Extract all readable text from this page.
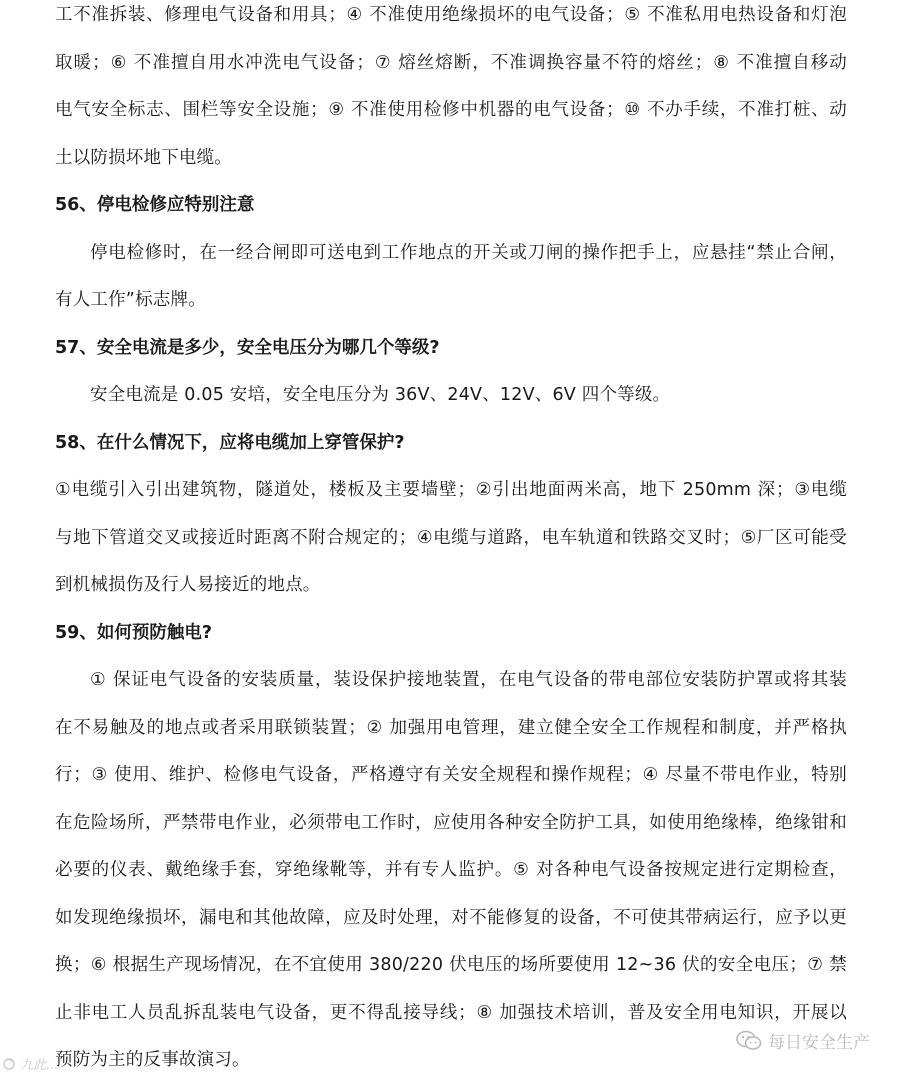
工不准拆装、修理电气设备和用具；④ 不准使用绝缘损坏的电气设备；⑤ 不准私用电热设备和灯泡
取暖；⑥ 不准擅自用水冲洗电气设备；⑦ 熔丝熔断，不准调换容量不符的熔丝；⑧ 不准擅自移动
电气安全标志、围栏等安全设施；⑨ 不准使用检修中机器的电气设备；⑩ 不办手续，不准打桩、动
土以防损坏地下电缆。
56、停电检修应特别注意
停电检修时，在一经合闸即可送电到工作地点的开关或刀闸的操作把手上，应悬挂“禁止合闸，
有人工作”标志牌。
57、安全电流是多少，安全电压分为哪几个等级?
安全电流是 0.05 安培，安全电压分为 36V、24V、12V、6V 四个等级。
58、在什么情况下，应将电缆加上穿管保护?
①电缆引入引出建筑物，隧道处，楼板及主要墙壁；②引出地面两米高，地下 250mm 深；③电缆
与地下管道交叉或接近时距离不附合规定的；④电缆与道路，电车轨道和铁路交叉时；⑤厂区可能受
到机械损伤及行人易接近的地点。
59、如何预防触电?
① 保证电气设备的安装质量，装设保护接地装置，在电气设备的带电部位安装防护罩或将其装
在不易触及的地点或者采用联锁装置；② 加强用电管理，建立健全安全工作规程和制度，并严格执
行；③ 使用、维护、检修电气设备，严格遵守有关安全规程和操作规程；④ 尽量不带电作业，特别
在危险场所，严禁带电作业，必须带电工作时，应使用各种安全防护工具，如使用绝缘棒，绝缘钳和
必要的仪表、戴绝缘手套，穿绝缘靴等，并有专人监护。⑤ 对各种电气设备按规定进行定期检查，
如发现绝缘损坏，漏电和其他故障，应及时处理，对不能修复的设备，不可使其带病运行，应予以更
换；⑥ 根据生产现场情况，在不宜使用 380/220 伏电压的场所要使用 12~36 伏的安全电压；⑦ 禁
止非电工人员乱拆乱装电气设备，更不得乱接导线；⑧ 加强技术培训，普及安全用电知识，开展以
预防为主的反事故演习。
每日安全生产
九此...
